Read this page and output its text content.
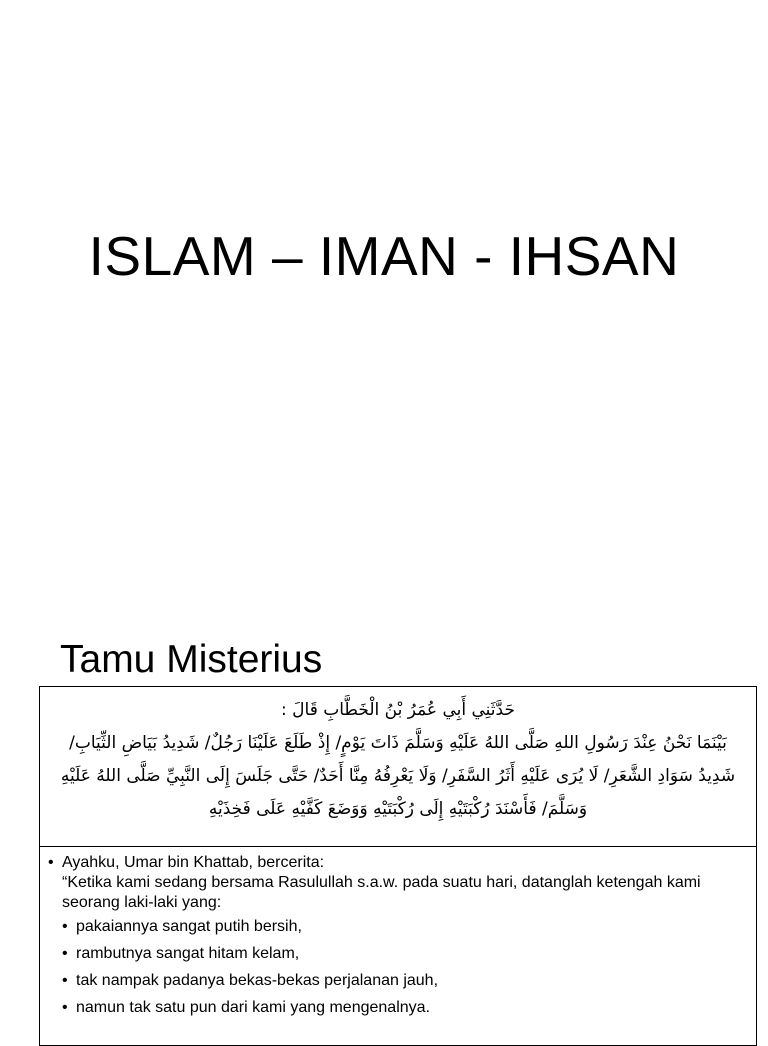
ISLAM – IMAN - IHSAN
Tamu Misterius
حَدَّثَنِي أَبِي عُمَرُ بْنُ الْخَطَّابِ قَالَ :
بَيْنَمَا نَحْنُ عِنْدَ رَسُولِ اللهِ صَلَّى اللهُ عَلَيْهِ وَسَلَّمَ ذَاتَ يَوْمٍ/ إِذْ طَلَعَ عَلَيْنَا رَجُلٌ/ شَدِيدُ بَيَاضِ الثِّيَابِ/
شَدِيدُ سَوَادِ الشَّعَرِ/ لَا يُرَى عَلَيْهِ أَثَرُ السَّفَرِ/ وَلَا يَعْرِفُهُ مِنَّا أَحَدٌ/ حَتَّى جَلَسَ إِلَى النَّبِيِّ صَلَّى اللهُ عَلَيْهِ
وَسَلَّمَ/ فَأَسْنَدَ رُكْبَتَيْهِ إِلَى رُكْبَتَيْهِ وَوَضَعَ كَفَّيْهِ عَلَى فَخِذَيْهِ
• Ayahku, Umar bin Khattab, bercerita:
“Ketika kami sedang bersama Rasulullah s.a.w. pada suatu hari, datanglah ketengah kami seorang laki-laki yang:
• pakaiannya sangat putih bersih,
• rambutnya sangat hitam kelam,
• tak nampak padanya bekas-bekas perjalanan jauh,
• namun tak satu pun dari kami yang mengenalnya.
